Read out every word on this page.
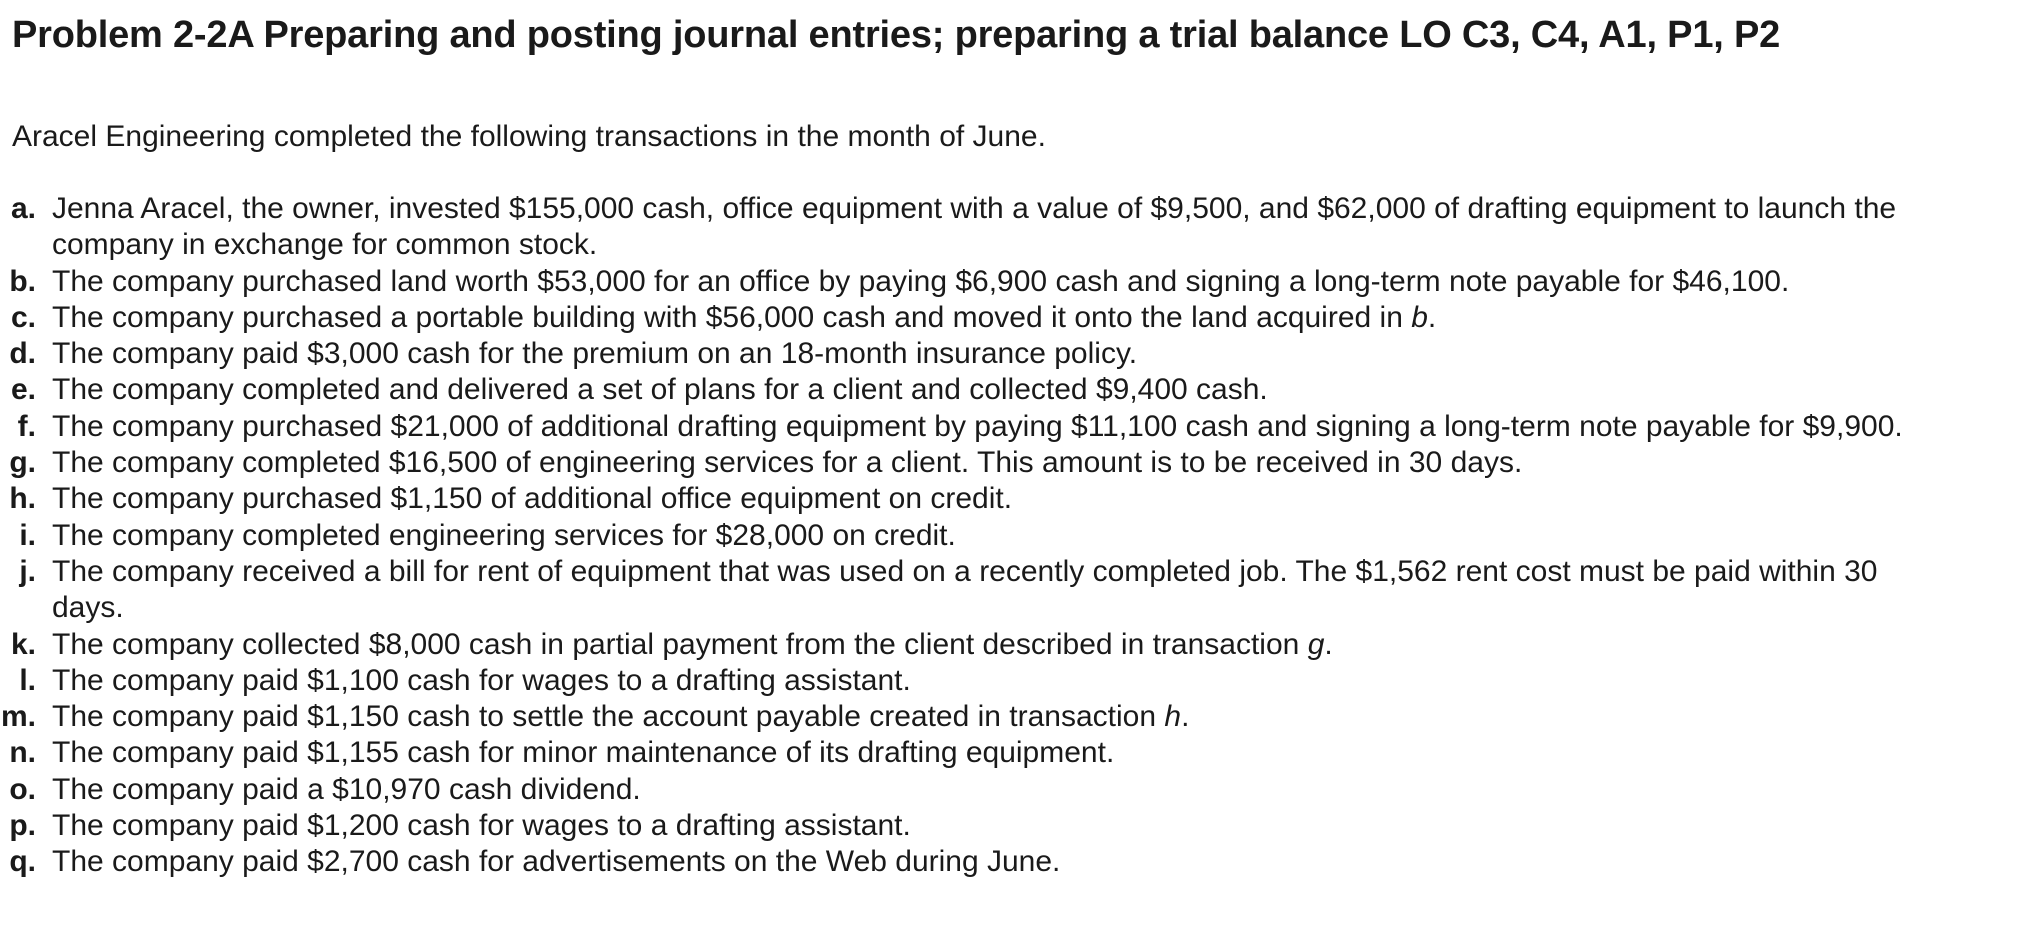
Problem 2-2A Preparing and posting journal entries; preparing a trial balance LO C3, C4, A1, P1, P2

Aracel Engineering completed the following transactions in the month of June.

a. Jenna Aracel, the owner, invested $155,000 cash, office equipment with a value of $9,500, and $62,000 of drafting equipment to launch the company in exchange for common stock.
b. The company purchased land worth $53,000 for an office by paying $6,900 cash and signing a long-term note payable for $46,100.
c. The company purchased a portable building with $56,000 cash and moved it onto the land acquired in b.
d. The company paid $3,000 cash for the premium on an 18-month insurance policy.
e. The company completed and delivered a set of plans for a client and collected $9,400 cash.
f. The company purchased $21,000 of additional drafting equipment by paying $11,100 cash and signing a long-term note payable for $9,900.
g. The company completed $16,500 of engineering services for a client. This amount is to be received in 30 days.
h. The company purchased $1,150 of additional office equipment on credit.
i. The company completed engineering services for $28,000 on credit.
j. The company received a bill for rent of equipment that was used on a recently completed job. The $1,562 rent cost must be paid within 30 days.
k. The company collected $8,000 cash in partial payment from the client described in transaction g.
l. The company paid $1,100 cash for wages to a drafting assistant.
m. The company paid $1,150 cash to settle the account payable created in transaction h.
n. The company paid $1,155 cash for minor maintenance of its drafting equipment.
o. The company paid a $10,970 cash dividend.
p. The company paid $1,200 cash for wages to a drafting assistant.
q. The company paid $2,700 cash for advertisements on the Web during June.
